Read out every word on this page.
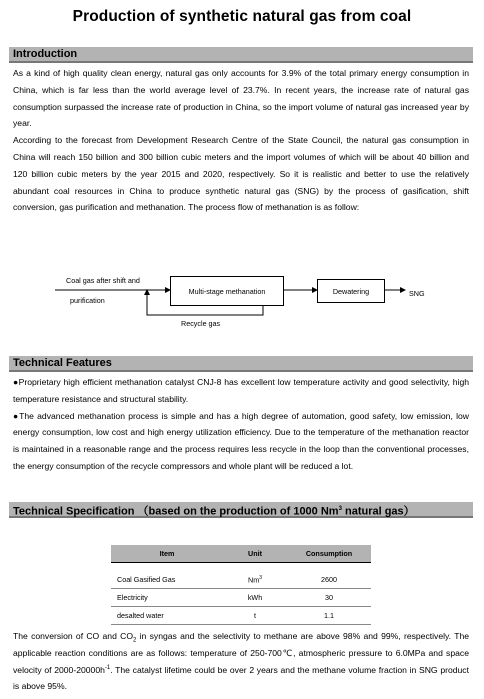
Production of synthetic natural gas from coal
Introduction

As a kind of high quality clean energy, natural gas only accounts for 3.9% of the total primary energy consumption in China, which is far less than the world average level of 23.7%. In recent years, the increase rate of natural gas consumption surpassed the increase rate of production in China, so the import volume of natural gas increased year by year.

According to the forecast from Development Research Centre of the State Council, the natural gas consumption in China will reach 150 billion and 300 billion cubic meters and the import volumes of which will be about 40 billion and 120 billion cubic meters by the year 2015 and 2020, respectively. So it is realistic and better to use the relatively abundant coal resources in China to produce synthetic natural gas (SNG) by the process of gasification, shift conversion, gas purification and methanation. The process flow of methanation is as follow:

Coal gas after shift and
purification
Multi-stage methanation	Dewatering	SNG
Recycle gas
Technical Features

●Proprietary high efficient methanation catalyst CNJ-8 has excellent low temperature activity and good selectivity, high temperature resistance and structural stability.

●The advanced methanation process is simple and has a high degree of automation, good safety, low emission, low energy consumption, low cost and high energy utilization efficiency. Due to the temperature of the methanation reactor is maintained in a reasonable range and the process requires less recycle in the loop than the conventional processes, the energy consumption of the recycle compressors and whole plant will be reduced a lot.

Technical Specification （based on the production of 1000 Nm$^3$ natural gas）
Item	Unit	Consumption

Coal Gasified Gas	Nm$^3$	2600
Electricity	kWh	30
desalted water	t	1.1

The conversion of CO and $CO_2$ in syngas and the selectivity to methane are above 98% and 99%, respectively. The applicable reaction conditions are as follows: temperature of 250-700℃, atmospheric pressure to 6.0MPa and space velocity of $2000-20000h^{-1}$. The catalyst lifetime could be over 2 years and the methane volume fraction in SNG product is above 95%.
